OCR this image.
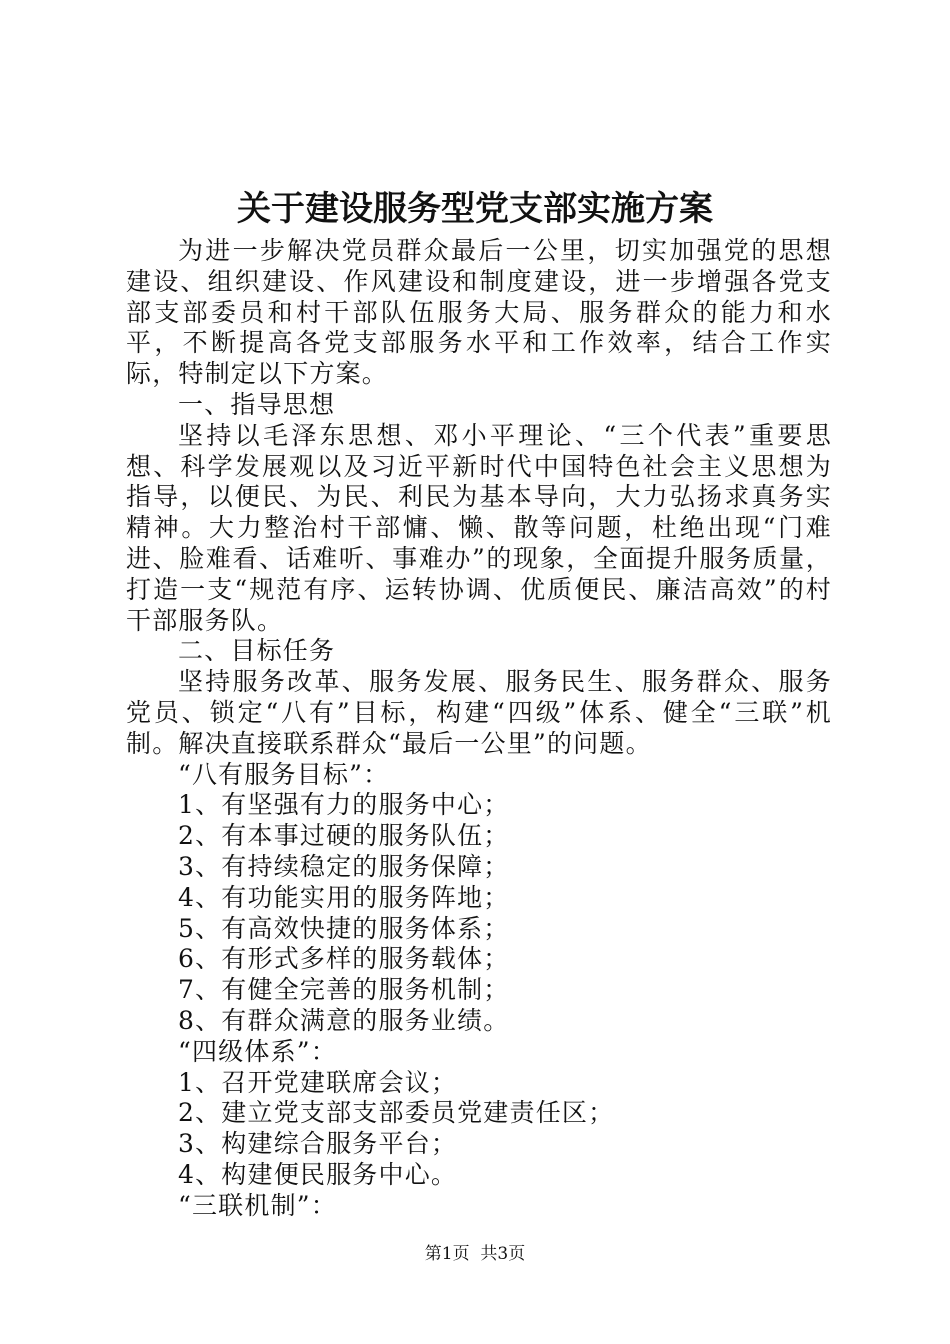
关于建设服务型党支部实施方案

为进一步解决党员群众最后一公里，切实加强党的思想建设、组织建设、作风建设和制度建设，进一步增强各党支部支部委员和村干部队伍服务大局、服务群众的能力和水平，不断提高各党支部服务水平和工作效率，结合工作实际，特制定以下方案。

一、指导思想

坚持以毛泽东思想、邓小平理论、“三个代表”重要思想、科学发展观以及习近平新时代中国特色社会主义思想为指导，以便民、为民、利民为基本导向，大力弘扬求真务实精神。大力整治村干部慵、懒、散等问题，杜绝出现“门难进、脸难看、话难听、事难办”的现象，全面提升服务质量，打造一支“规范有序、运转协调、优质便民、廉洁高效”的村干部服务队。

二、目标任务

坚持服务改革、服务发展、服务民生、服务群众、服务党员、锁定“八有”目标，构建“四级”体系、健全“三联”机制。解决直接联系群众“最后一公里”的问题。

“八有服务目标”：

1、有坚强有力的服务中心；

2、有本事过硬的服务队伍；

3、有持续稳定的服务保障；

4、有功能实用的服务阵地；

5、有高效快捷的服务体系；

6、有形式多样的服务载体；

7、有健全完善的服务机制；

8、有群众满意的服务业绩。

“四级体系”：

1、召开党建联席会议；

2、建立党支部支部委员党建责任区；

3、构建综合服务平台；

4、构建便民服务中心。

“三联机制”：

第1页 共3页
